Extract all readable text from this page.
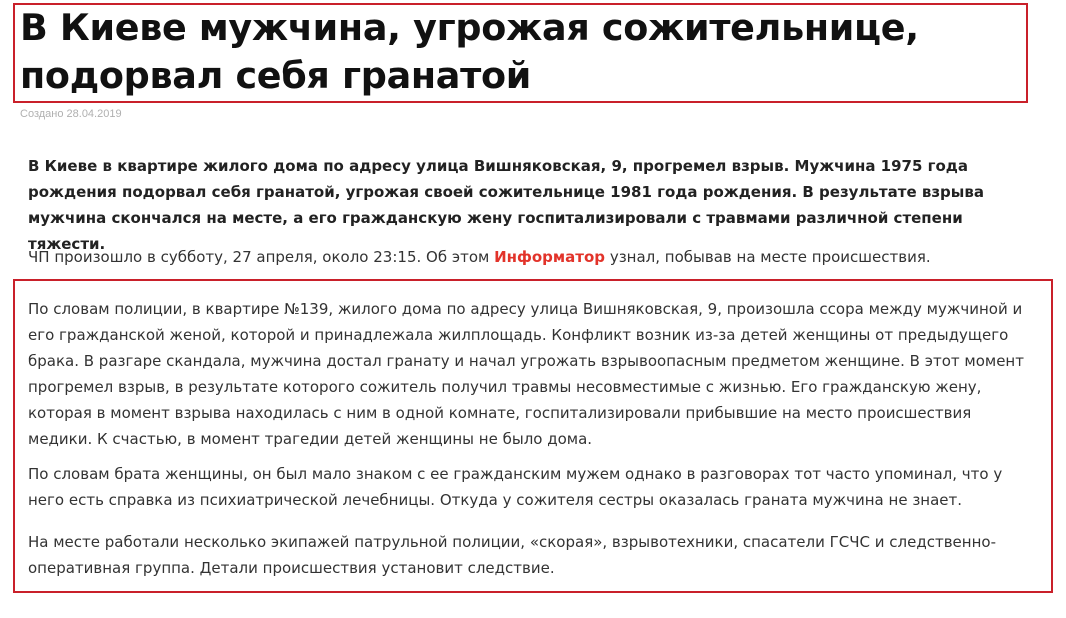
В Киеве мужчина, угрожая сожительнице, подорвал себя гранатой
Создано 28.04.2019

В Киеве в квартире жилого дома по адресу улица Вишняковская, 9, прогремел взрыв. Мужчина 1975 года рождения подорвал себя гранатой, угрожая своей сожительнице 1981 года рождения. В результате взрыва мужчина скончался на месте, а его гражданскую жену госпитализировали с травмами различной степени тяжести.

ЧП произошло в субботу, 27 апреля, около 23:15. Об этом Информатор узнал, побывав на месте происшествия.

По словам полиции, в квартире №139, жилого дома по адресу улица Вишняковская, 9, произошла ссора между мужчиной и его гражданской женой, которой и принадлежала жилплощадь. Конфликт возник из-за детей женщины от предыдущего брака. В разгаре скандала, мужчина достал гранату и начал угрожать взрывоопасным предметом женщине. В этот момент прогремел взрыв, в результате которого сожитель получил травмы несовместимые с жизнью. Его гражданскую жену, которая в момент взрыва находилась с ним в одной комнате, госпитализировали прибывшие на место происшествия медики. К счастью, в момент трагедии детей женщины не было дома.

По словам брата женщины, он был мало знаком с ее гражданским мужем однако в разговорах тот часто упоминал, что у него есть справка из психиатрической лечебницы. Откуда у сожителя сестры оказалась граната мужчина не знает.

На месте работали несколько экипажей патрульной полиции, «скорая», взрывотехники, спасатели ГСЧС и следственно-оперативная группа. Детали происшествия установит следствие.
